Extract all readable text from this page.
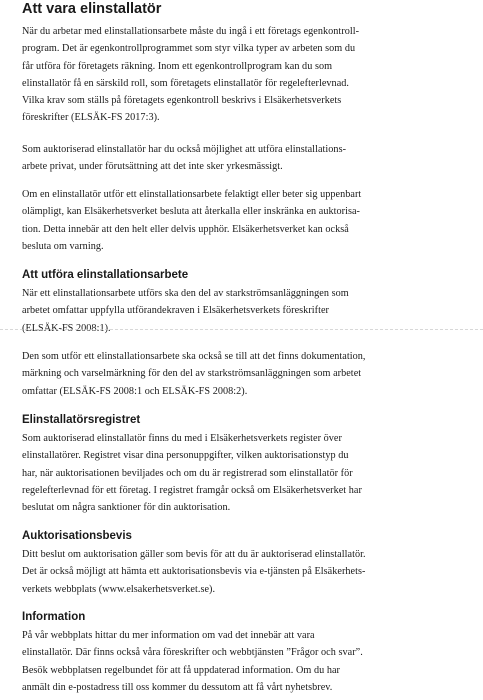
Att vara elinstallatör

När du arbetar med elinstallationsarbete måste du ingå i ett företags egenkontroll-
program. Det är egenkontrollprogrammet som styr vilka typer av arbeten som du
får utföra för företagets räkning. Inom ett egenkontrollprogram kan du som
elinstallatör få en särskild roll, som företagets elinstallatör för regelefterlevnad.
Vilka krav som ställs på företagets egenkontroll beskrivs i Elsäkerhetsverkets
föreskrifter (ELSÄK-FS 2017:3).

Som auktoriserad elinstallatör har du också möjlighet att utföra elinstallations-
arbete privat, under förutsättning att det inte sker yrkesmässigt.

Om en elinstallatör utför ett elinstallationsarbete felaktigt eller beter sig uppenbart
olämpligt, kan Elsäkerhetsverket besluta att återkalla eller inskränka en auktorisa-
tion. Detta innebär att den helt eller delvis upphör. Elsäkerhetsverket kan också
besluta om varning.

Att utföra elinstallationsarbete

När ett elinstallationsarbete utförs ska den del av starkströmsanläggningen som
arbetet omfattar uppfylla utförandekraven i Elsäkerhetsverkets föreskrifter
(ELSÄK-FS 2008:1).

Den som utför ett elinstallationsarbete ska också se till att det finns dokumentation,
märkning och varselmärkning för den del av starkströmsanläggningen som arbetet
omfattar (ELSÄK-FS 2008:1 och ELSÄK-FS 2008:2).

Elinstallatörsregistret

Som auktoriserad elinstallatör finns du med i Elsäkerhetsverkets register över
elinstallatörer. Registret visar dina personuppgifter, vilken auktorisationstyp du
har, när auktorisationen beviljades och om du är registrerad som elinstallatör för
regelefterlevnad för ett företag. I registret framgår också om Elsäkerhetsverket har
beslutat om några sanktioner för din auktorisation.

Auktorisationsbevis

Ditt beslut om auktorisation gäller som bevis för att du är auktoriserad elinstallatör.
Det är också möjligt att hämta ett auktorisationsbevis via e-tjänsten på Elsäkerhets-
verkets webbplats (www.elsakerhetsverket.se).

Information

På vår webbplats hittar du mer information om vad det innebär att vara
elinstallatör. Där finns också våra föreskrifter och webbtjänsten ”Frågor och svar”.
Besök webbplatsen regelbundet för att få uppdaterad information. Om du har
anmält din e-postadress till oss kommer du dessutom att få vårt nyhetsbrev.
